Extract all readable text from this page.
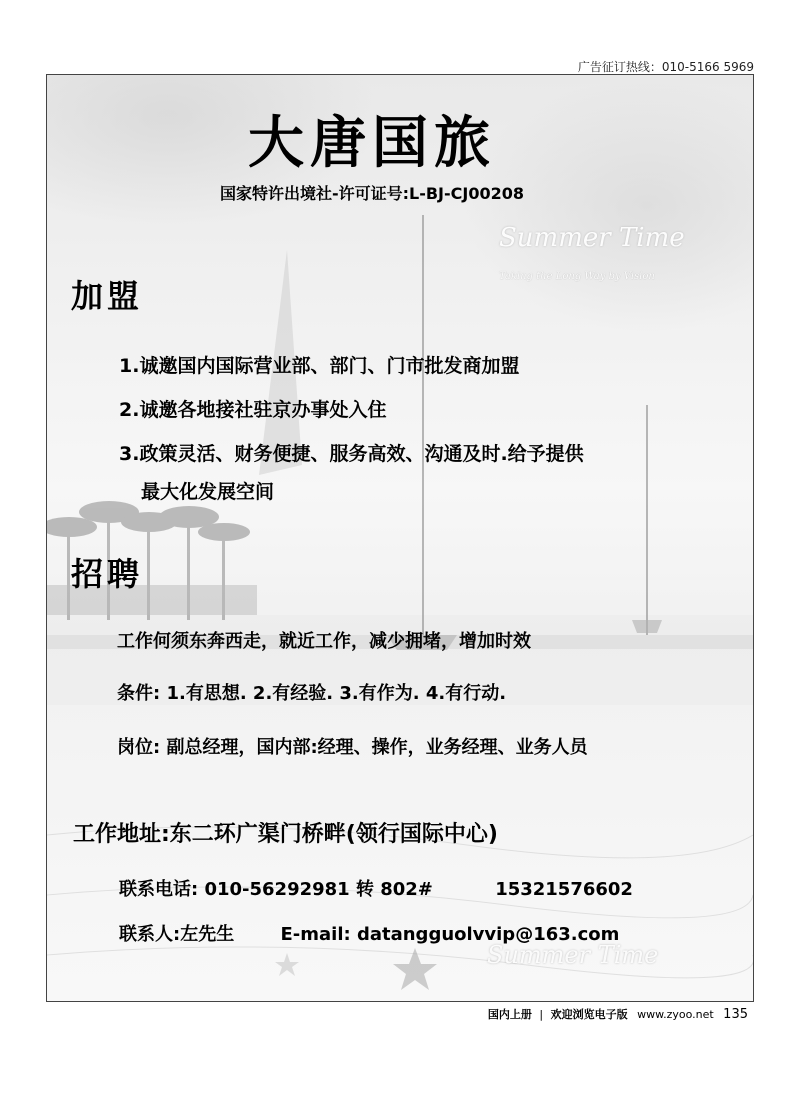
广告征订热线：010-5166 5969
Summer Time
Taking the Long Way by Vision
Summer Time
大唐国旅
国家特许出境社-许可证号:L-BJ-CJ00208
加盟
1.诚邀国内国际营业部、部门、门市批发商加盟
2.诚邀各地接社驻京办事处入住
3.政策灵活、财务便捷、服务高效、沟通及时.给予提供
最大化发展空间
招聘
工作何须东奔西走，就近工作，减少拥堵，增加时效
条件: 1.有思想. 2.有经验. 3.有作为. 4.有行动.
岗位: 副总经理，国内部:经理、操作，业务经理、业务人员
工作地址:东二环广渠门桥畔(领行国际中心)
联系电话: 010-56292981 转 802#	15321576602
联系人:左先生	E-mail: datangguolvvip@163.com
国内上册 | 欢迎浏览电子版 www.zyoo.net 135
